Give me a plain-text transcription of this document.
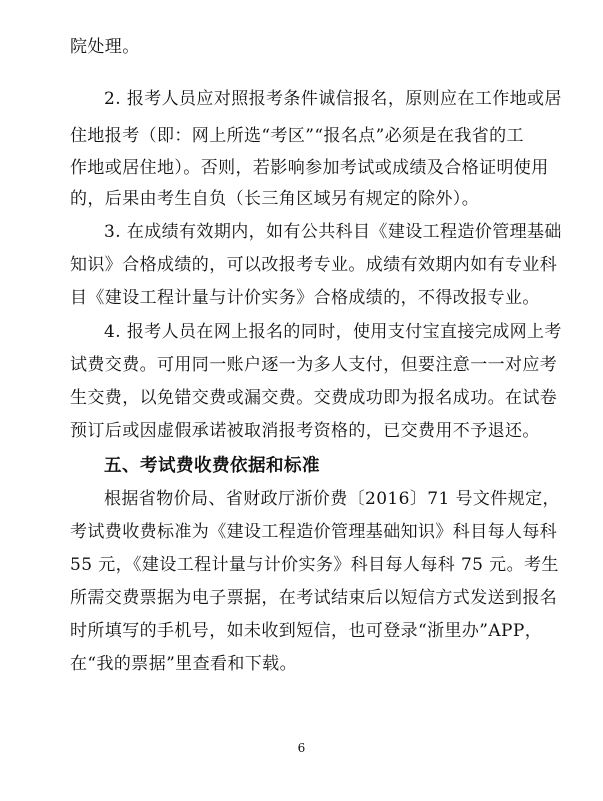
院处理。
2. 报考人员应对照报考条件诚信报名，原则应在工作地或居
住地报考（即：网上所选“考区”“报名点”必须是在我省的工
作地或居住地）。否则，若影响参加考试或成绩及合格证明使用
的，后果由考生自负（长三角区域另有规定的除外）。
3. 在成绩有效期内，如有公共科目《建设工程造价管理基础
知识》合格成绩的，可以改报考专业。成绩有效期内如有专业科
目《建设工程计量与计价实务》合格成绩的，不得改报专业。
4. 报考人员在网上报名的同时，使用支付宝直接完成网上考
试费交费。可用同一账户逐一为多人支付，但要注意一一对应考
生交费，以免错交费或漏交费。交费成功即为报名成功。在试卷
预订后或因虚假承诺被取消报考资格的，已交费用不予退还。
五、考试费收费依据和标准
根据省物价局、省财政厅浙价费〔2016〕71 号文件规定，
考试费收费标准为《建设工程造价管理基础知识》科目每人每科
55 元，《建设工程计量与计价实务》科目每人每科 75 元。考生
所需交费票据为电子票据，在考试结束后以短信方式发送到报名
时所填写的手机号，如未收到短信，也可登录“浙里办”APP，
在“我的票据”里查看和下载。
6
